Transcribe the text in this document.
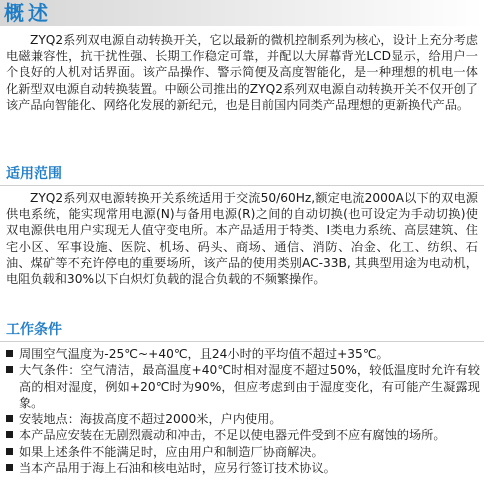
概述

ZYQ2系列双电源自动转换开关，它以最新的微机控制系列为核心，设计上充分考虑电磁兼容性，抗干扰性强、长期工作稳定可靠，并配以大屏幕背光LCD显示，给用户一个良好的人机对话界面。该产品操作、警示简便及高度智能化，是一种理想的机电一体化新型双电源自动转换装置。中颐公司推出的ZYQ2系列双电源自动转换开关不仅开创了该产品向智能化、网络化发展的新纪元，也是目前国内同类产品理想的更新换代产品。

适用范围

ZYQ2系列双电源转换开关系统适用于交流50/60Hz,额定电流2000A以下的双电源供电系统，能实现常用电源(N)与备用电源(R)之间的自动切换(也可设定为手动切换)使双电源供电用户实现无人值守变电所。本产品适用于特类、Ⅰ类电力系统、高层建筑、住宅小区、军事设施、医院、机场、码头、商场、通信、消防、冶金、化工、纺织、石油、煤矿等不充许停电的重要场所，该产品的使用类别AC-33B, 其典型用途为电动机，电阻负载和30%以下白炽灯负载的混合负载的不频繁操作。

工作条件
周围空气温度为-25℃~+40℃，且24小时的平均值不超过+35℃。
大气条件：空气清洁，最高温度+40℃时相对湿度不超过50%，较低温度时允许有较高的相对湿度，例如+20℃时为90%，但应考虑到由于湿度变化，有可能产生凝露现象。
安装地点：海拔高度不超过2000米，户内使用。
本产品应安装在无剧烈震动和冲击，不足以使电器元件受到不应有腐蚀的场所。
如果上述条件不能满足时，应由用户和制造厂协商解决。
当本产品用于海上石油和核电站时，应另行签订技术协议。
